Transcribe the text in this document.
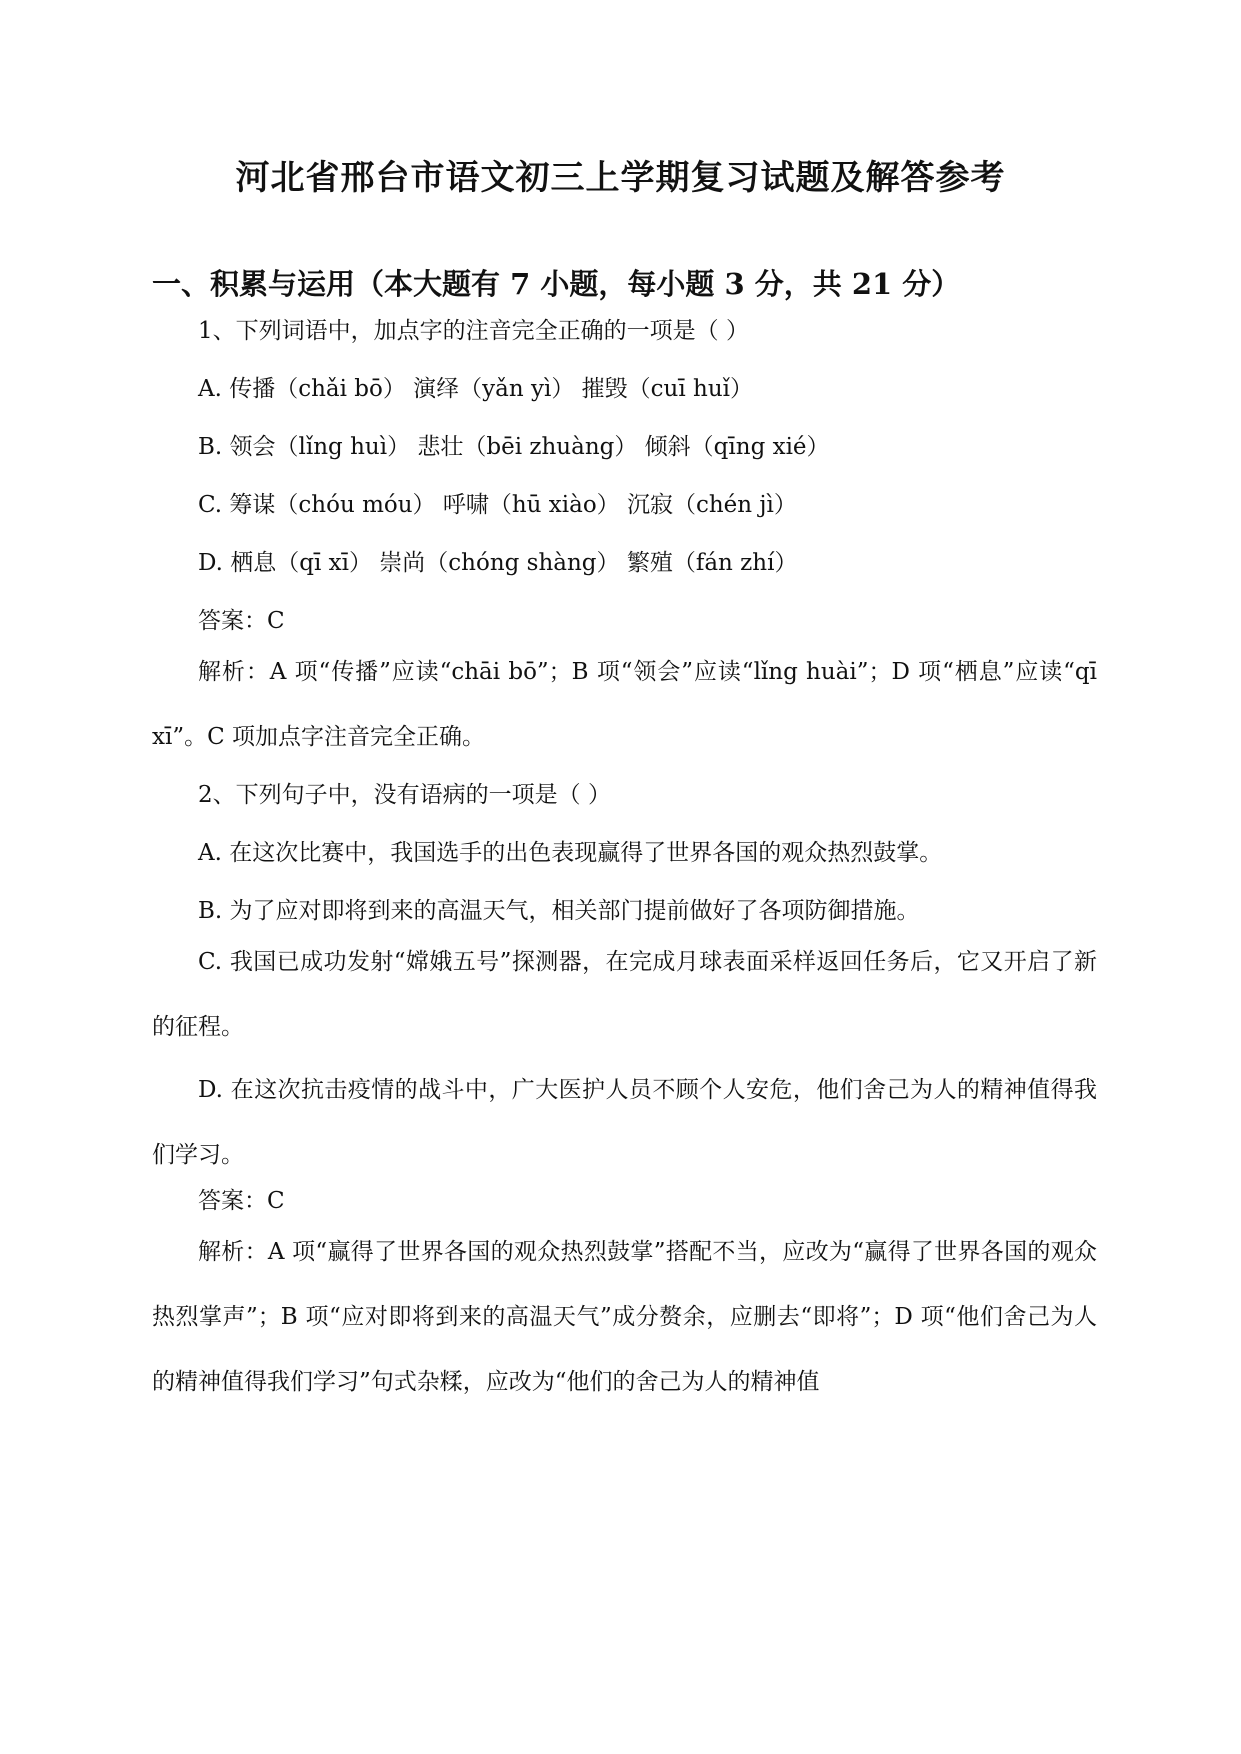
河北省邢台市语文初三上学期复习试题及解答参考
一、积累与运用（本大题有 7 小题，每小题 3 分，共 21 分）

1、下列词语中，加点字的注音完全正确的一项是（ ）

A. 传播（chǎi bō） 演绎（yǎn yì） 摧毁（cuī huǐ）

B. 领会（lǐng huì） 悲壮（bēi zhuàng） 倾斜（qīng xié）

C. 筹谋（chóu móu） 呼啸（hū xiào） 沉寂（chén jì）

D. 栖息（qī xī） 崇尚（chóng shàng） 繁殖（fán zhí）

答案：C

解析：A 项“传播”应读“chāi bō”；B 项“领会”应读“lǐng huài”；D 项“栖息”应读“qī xī”。C 项加点字注音完全正确。

2、下列句子中，没有语病的一项是（ ）

A. 在这次比赛中，我国选手的出色表现赢得了世界各国的观众热烈鼓掌。

B. 为了应对即将到来的高温天气，相关部门提前做好了各项防御措施。

C. 我国已成功发射“嫦娥五号”探测器，在完成月球表面采样返回任务后，它又开启了新的征程。

D. 在这次抗击疫情的战斗中，广大医护人员不顾个人安危，他们舍己为人的精神值得我们学习。

答案：C

解析：A 项“赢得了世界各国的观众热烈鼓掌”搭配不当，应改为“赢得了世界各国的观众热烈掌声”；B 项“应对即将到来的高温天气”成分赘余，应删去“即将”；D 项“他们舍己为人的精神值得我们学习”句式杂糅，应改为“他们的舍己为人的精神值
